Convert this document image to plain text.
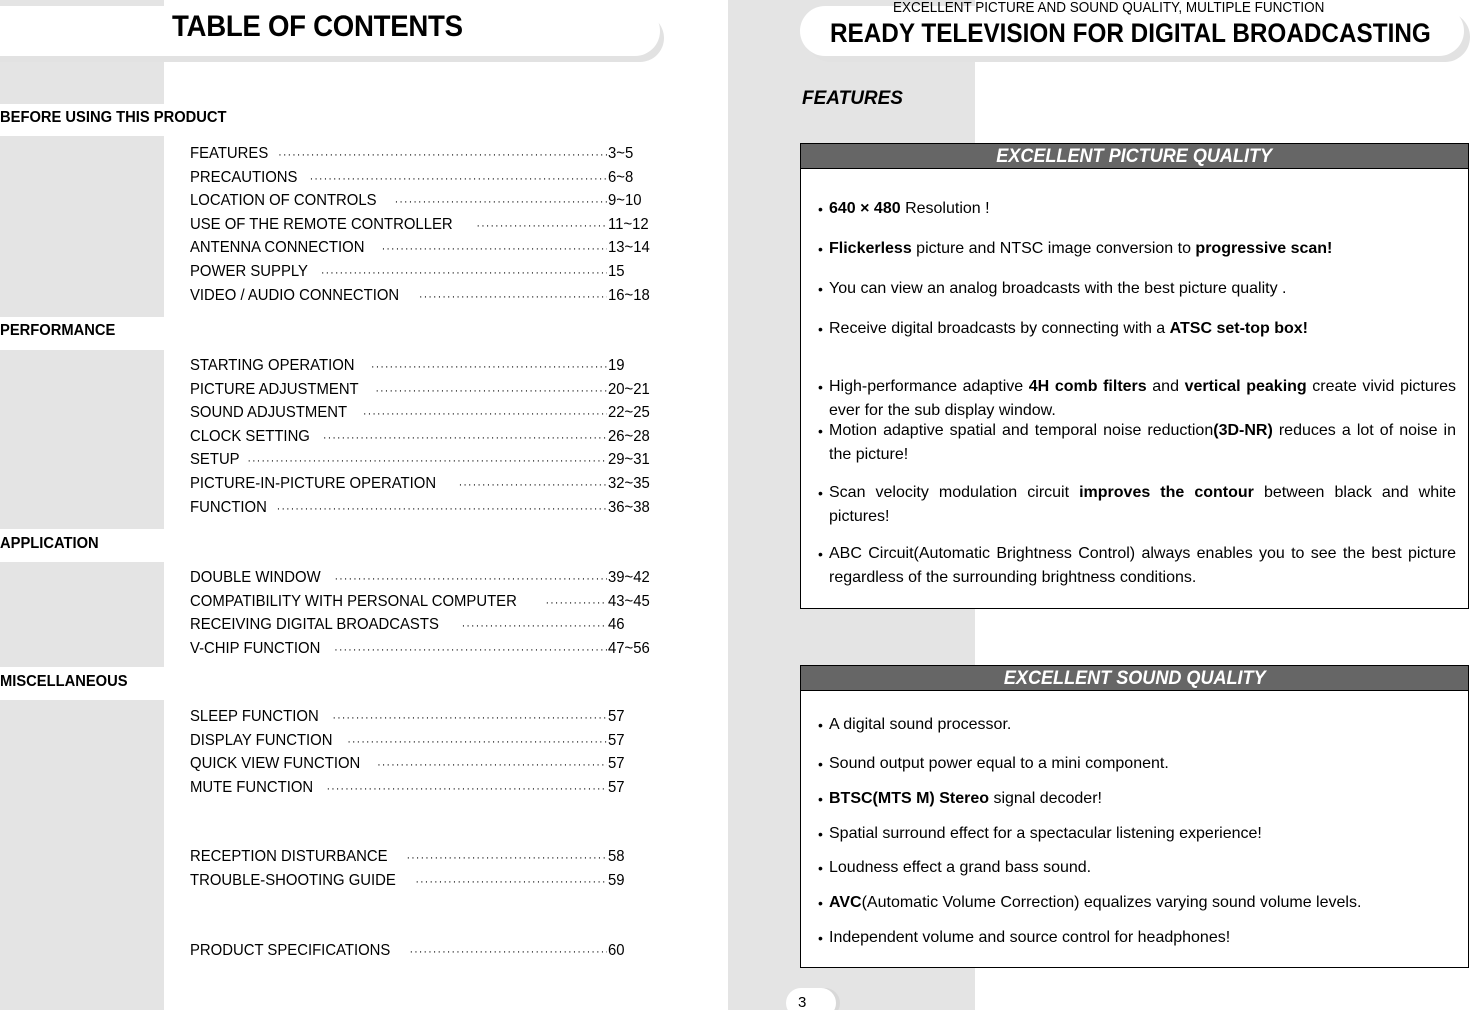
TABLE OF CONTENTS
BEFORE USING THIS PRODUCT
PERFORMANCE
APPLICATION
MISCELLANEOUS
FEATURES ·····	3~5
PRECAUTIONS ·····	6~8
LOCATION OF CONTROLS ·····	9~10
USE OF THE REMOTE CONTROLLER ·····	11~12
ANTENNA CONNECTION ·····	13~14
POWER SUPPLY ·····	15
VIDEO / AUDIO CONNECTION ·····	16~18
STARTING OPERATION ·····	19
PICTURE ADJUSTMENT ·····	20~21
SOUND ADJUSTMENT ·····	22~25
CLOCK SETTING ·····	26~28
SETUP ·····	29~31
PICTURE-IN-PICTURE OPERATION ·····	32~35
FUNCTION ·····	36~38
DOUBLE WINDOW ·····	39~42
COMPATIBILITY WITH PERSONAL COMPUTER ·····	43~45
RECEIVING DIGITAL BROADCASTS ·····	46
V-CHIP FUNCTION ·····	47~56
SLEEP FUNCTION ·····	57
DISPLAY FUNCTION ·····	57
QUICK VIEW FUNCTION ·····	57
MUTE FUNCTION ·····	57
RECEPTION DISTURBANCE ·····	58
TROUBLE-SHOOTING GUIDE ·····	59
PRODUCT SPECIFICATIONS ·····	60
EXCELLENT PICTURE AND SOUND QUALITY, MULTIPLE FUNCTION
READY TELEVISION FOR DIGITAL BROADCASTING
FEATURES
EXCELLENT PICTURE QUALITY
• 640 × 480 Resolution !
• Flickerless picture and NTSC image conversion to progressive scan!
• You can view an analog broadcasts with the best picture quality .
• Receive digital broadcasts by connecting with a ATSC set-top box!
• High-performance adaptive 4H comb filters and vertical peaking create vivid pictures ever for the sub display window.
• Motion adaptive spatial and temporal noise reduction(3D-NR) reduces a lot of noise in the picture!
• Scan velocity modulation circuit improves the contour between black and white pictures!
• ABC Circuit(Automatic Brightness Control) always enables you to see the best picture regardless of the surrounding brightness conditions.
EXCELLENT SOUND QUALITY
• A digital sound processor.
• Sound output power equal to a mini component.
• BTSC(MTS M) Stereo signal decoder!
• Spatial surround effect for a spectacular listening experience!
• Loudness effect a grand bass sound.
• AVC(Automatic Volume Correction) equalizes varying sound volume levels.
• Independent volume and source control for headphones!
3
